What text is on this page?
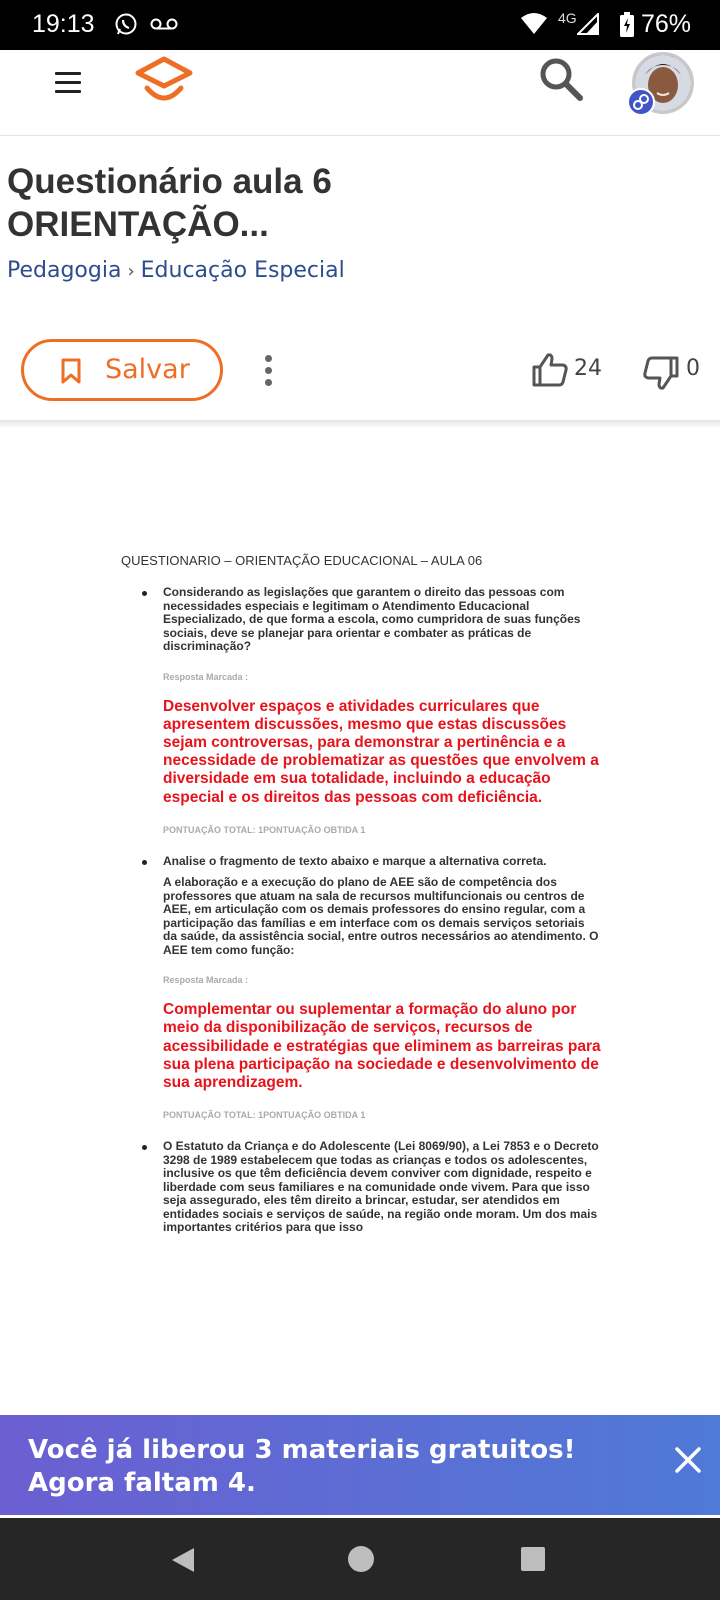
19:13	4G	76%
Questionário aula 6 ORIENTAÇÃO...
Pedagogia › Educação Especial
Salvar	24	0
QUESTIONARIO – ORIENTAÇÃO EDUCACIONAL – AULA 06
Considerando as legislações que garantem o direito das pessoas com necessidades especiais e legitimam o Atendimento Educacional Especializado, de que forma a escola, como cumpridora de suas funções sociais, deve se planejar para orientar e combater as práticas de discriminação?
Resposta Marcada :
Desenvolver espaços e atividades curriculares que apresentem discussões, mesmo que estas discussões sejam controversas, para demonstrar a pertinência e a necessidade de problematizar as questões que envolvem a diversidade em sua totalidade, incluindo a educação especial e os direitos das pessoas com deficiência.
PONTUAÇÃO TOTAL: 1PONTUAÇÃO OBTIDA 1
Analise o fragmento de texto abaixo e marque a alternativa correta.
A elaboração e a execução do plano de AEE são de competência dos professores que atuam na sala de recursos multifuncionais ou centros de AEE, em articulação com os demais professores do ensino regular, com a participação das famílias e em interface com os demais serviços setoriais da saúde, da assistência social, entre outros necessários ao atendimento. O AEE tem como função:
Resposta Marcada :
Complementar ou suplementar a formação do aluno por meio da disponibilização de serviços, recursos de acessibilidade e estratégias que eliminem as barreiras para sua plena participação na sociedade e desenvolvimento de sua aprendizagem.
PONTUAÇÃO TOTAL: 1PONTUAÇÃO OBTIDA 1
O Estatuto da Criança e do Adolescente (Lei 8069/90), a Lei 7853 e o Decreto 3298 de 1989 estabelecem que todas as crianças e todos os adolescentes, inclusive os que têm deficiência devem conviver com dignidade, respeito e liberdade com seus familiares e na comunidade onde vivem. Para que isso seja assegurado, eles têm direito a brincar, estudar, ser atendidos em entidades sociais e serviços de saúde, na região onde moram. Um dos mais importantes critérios para que isso
Você já liberou 3 materiais gratuitos! Agora faltam 4.
